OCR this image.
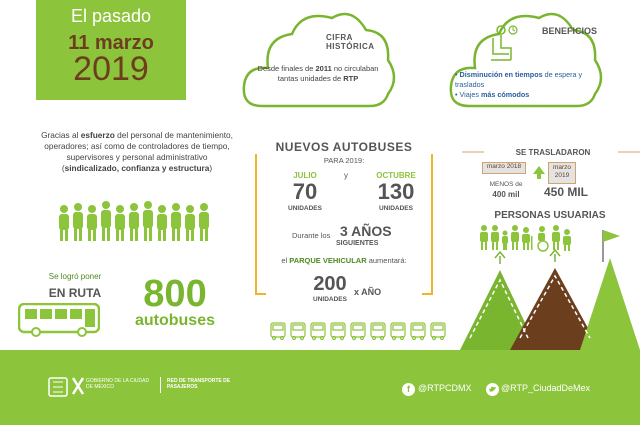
El pasado
11 marzo
2019
CIFRA
HISTÓRICA
Desde finales de 2011 no circulaban tantas unidades de RTP
BENEFICIOS
• Disminución en tiempos de espera y traslados
• Viajes más cómodos
Gracias al esfuerzo del personal de mantenimiento, operadores; así como de controladores de tiempo, supervisores y personal administrativo
(sindicalizado, confianza y estructura)
NUEVOS AUTOBUSES
PARA 2019:
JULIO
70
UNIDADES
y	OCTUBRE
130
UNIDADES
Durante los 3 AÑOS
SIGUIENTES
el PARQUE VEHICULAR aumentará:
200
UNIDADES
x AÑO
SE TRASLADARON
marzo 2018
MENOS de
400 mil
marzo 2019
450 MIL
PERSONAS USUARIAS
Se logró poner
EN RUTA	800
autobuses
GOBIERNO DE LA CIUDAD DE MÉXICO
RED DE TRANSPORTE DE PASAJEROS	f @RTPCDMX	@RTP_CiudadDeMex
